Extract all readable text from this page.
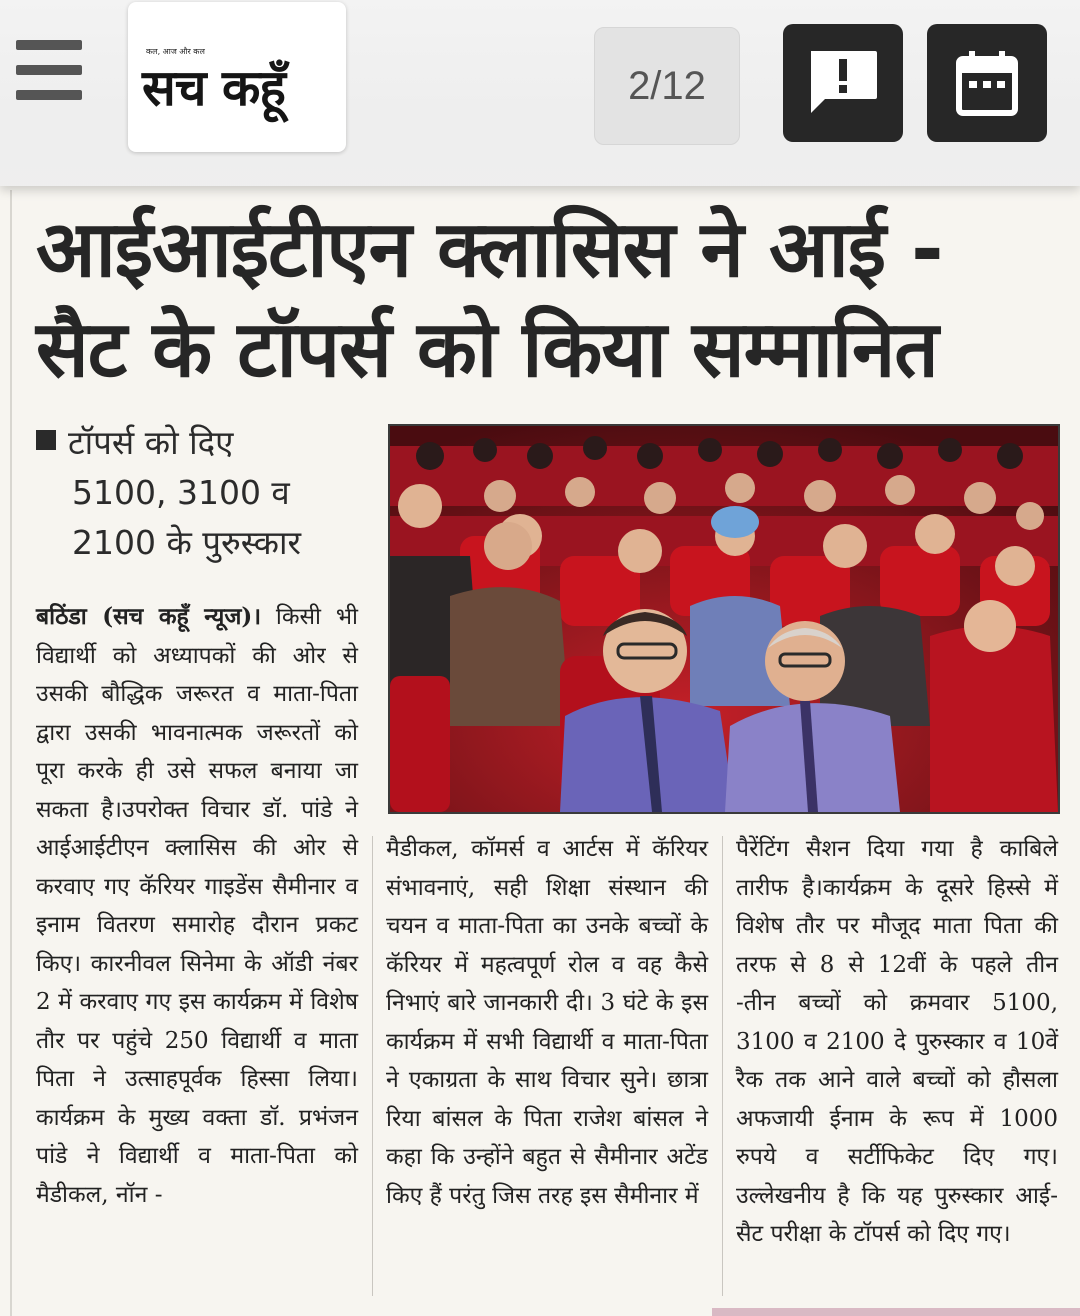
आईआईटीएन क्लासिस ने आई -
सैट के टॉपर्स को किया सम्मानित
टॉपर्स को दिए
5100, 3100 व
2100 के पुरुस्कार

बठिंडा (सच कहूँ न्यूज)। किसी भी विद्यार्थी को अध्यापकों की ओर से उसकी बौद्धिक जरूरत व माता-पिता द्वारा उसकी भावनात्मक जरूरतों को पूरा करके ही उसे सफल बनाया जा सकता है।उपरोक्त विचार डॉ. पांडे ने आईआईटीएन क्लासिस की ओर से करवाए गए कॅरियर गाइडेंस सैमीनार व इनाम वितरण समारोह दौरान प्रकट किए। कारनीवल सिनेमा के ऑडी नंबर 2 में करवाए गए इस कार्यक्रम में विशेष तौर पर पहुंचे 250 विद्यार्थी व माता पिता ने उत्साहपूर्वक हिस्सा लिया। कार्यक्रम के मुख्य वक्ता डॉ. प्रभंजन पांडे ने विद्यार्थी व माता-पिता को मैडीकल, नॉन -

मैडीकल, कॉमर्स व आर्टस में कॅरियर संभावनाएं, सही शिक्षा संस्थान की चयन व माता-पिता का उनके बच्चों के कॅरियर में महत्वपूर्ण रोल व वह कैसे निभाएं बारे जानकारी दी। 3 घंटे के इस कार्यक्रम में सभी विद्यार्थी व माता-पिता ने एकाग्रता के साथ विचार सुने। छात्रा रिया बांसल के पिता राजेश बांसल ने कहा कि उन्होंने बहुत से सैमीनार अटेंड किए हैं परंतु जिस तरह इस सैमीनार में

पैरेंटिंग सैशन दिया गया है काबिले तारीफ है।कार्यक्रम के दूसरे हिस्से में विशेष तौर पर मौजूद माता पिता की तरफ से 8 से 12वीं के पहले तीन -तीन बच्चों को क्रमवार 5100, 3100 व 2100 दे पुरुस्कार व 10वें रैक तक आने वाले बच्चों को हौसला अफजायी ईनाम के रूप में 1000 रुपये व सर्टीफिकेट दिए गए। उल्लेखनीय है कि यह पुरुस्कार आई-सैट परीक्षा के टॉपर्स को दिए गए।

कल, आज और कल
सच कहूँ	2/12
